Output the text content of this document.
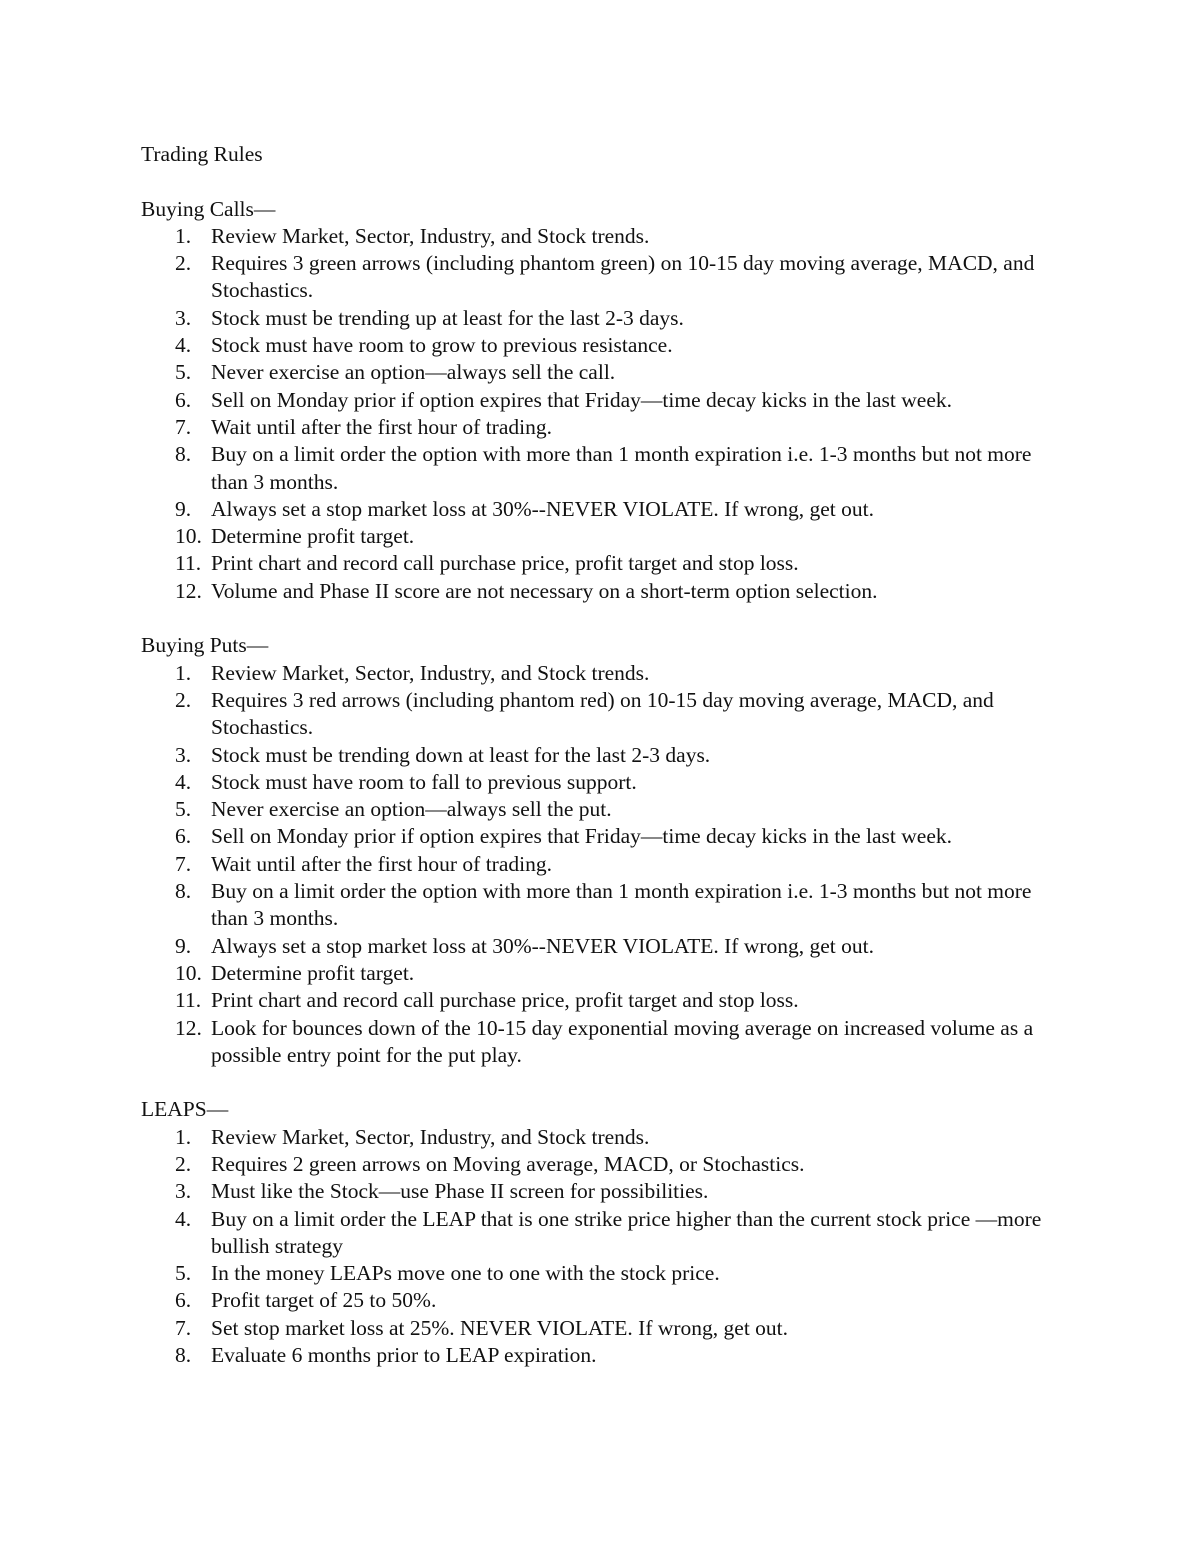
Trading Rules
Buying Calls—
1. Review Market, Sector, Industry, and Stock trends.
2. Requires 3 green arrows (including phantom green) on 10-15 day moving average, MACD, and Stochastics.
3. Stock must be trending up at least for the last 2-3 days.
4. Stock must have room to grow to previous resistance.
5. Never exercise an option—always sell the call.
6. Sell on Monday prior if option expires that Friday—time decay kicks in the last week.
7. Wait until after the first hour of trading.
8. Buy on a limit order the option with more than 1 month expiration i.e. 1-3 months but not more than 3 months.
9. Always set a stop market loss at 30%--NEVER VIOLATE. If wrong, get out.
10. Determine profit target.
11. Print chart and record call purchase price, profit target and stop loss.
12. Volume and Phase II score are not necessary on a short-term option selection.
Buying Puts—
1. Review Market, Sector, Industry, and Stock trends.
2. Requires 3 red arrows (including phantom red) on 10-15 day moving average, MACD, and Stochastics.
3. Stock must be trending down at least for the last 2-3 days.
4. Stock must have room to fall to previous support.
5. Never exercise an option—always sell the put.
6. Sell on Monday prior if option expires that Friday—time decay kicks in the last week.
7. Wait until after the first hour of trading.
8. Buy on a limit order the option with more than 1 month expiration i.e. 1-3 months but not more than 3 months.
9. Always set a stop market loss at 30%--NEVER VIOLATE. If wrong, get out.
10. Determine profit target.
11. Print chart and record call purchase price, profit target and stop loss.
12. Look for bounces down of the 10-15 day exponential moving average on increased volume as a possible entry point for the put play.
LEAPS—
1. Review Market, Sector, Industry, and Stock trends.
2. Requires 2 green arrows on Moving average, MACD, or Stochastics.
3. Must like the Stock—use Phase II screen for possibilities.
4. Buy on a limit order the LEAP that is one strike price higher than the current stock price —more bullish strategy
5. In the money LEAPs move one to one with the stock price.
6. Profit target of 25 to 50%.
7. Set stop market loss at 25%. NEVER VIOLATE. If wrong, get out.
8. Evaluate 6 months prior to LEAP expiration.
